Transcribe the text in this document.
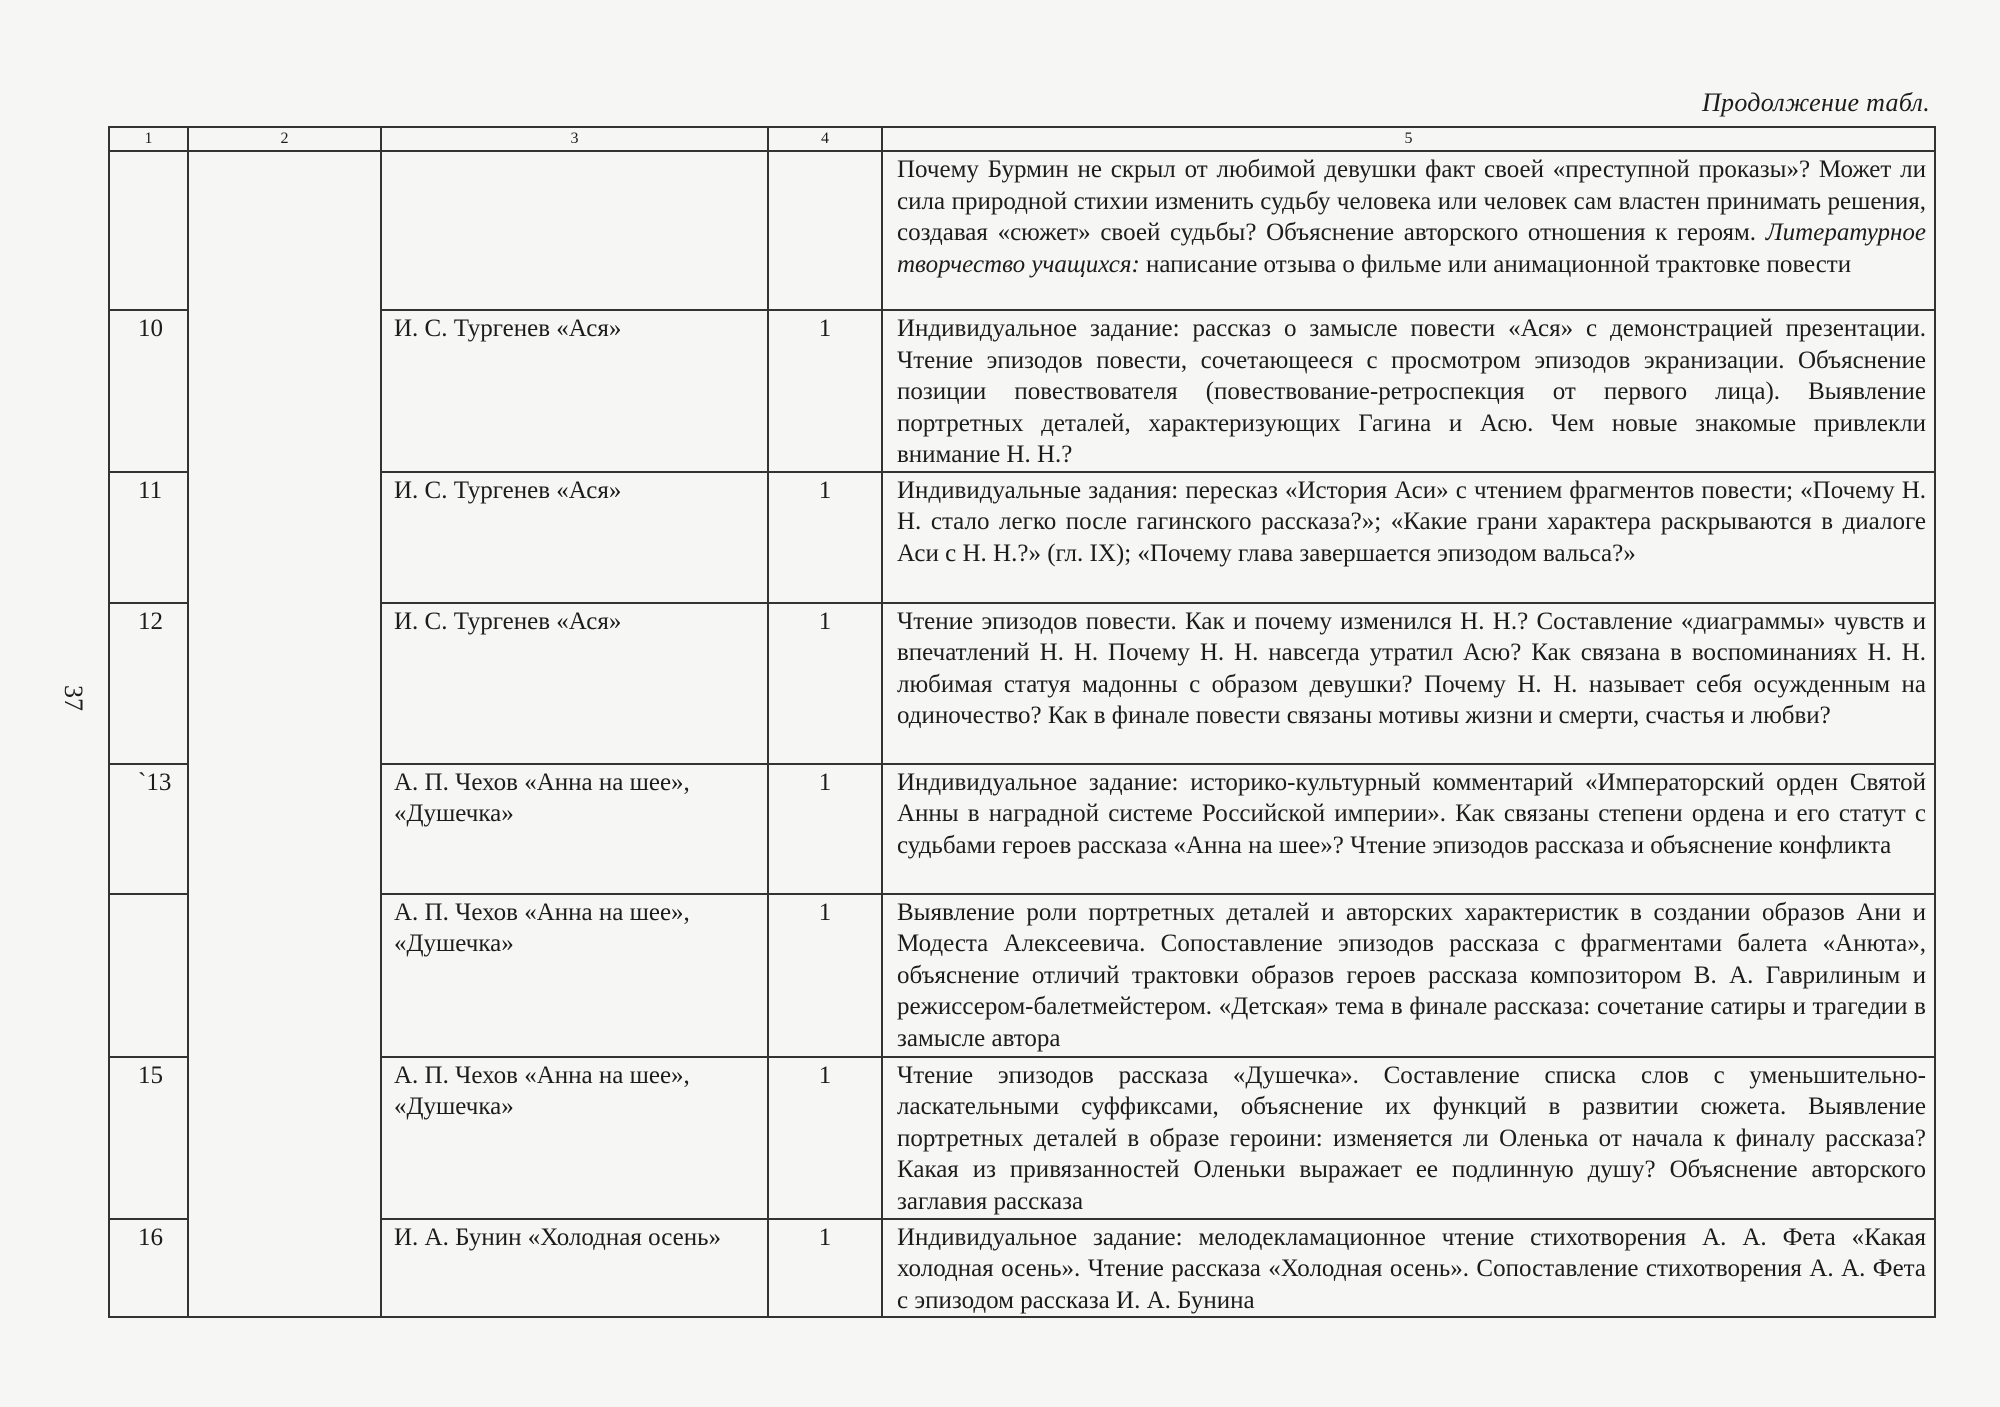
Продолжение табл.
37
1	2	3	4	5
				Почему Бурмин не скрыл от любимой девушки факт своей «преступной проказы»? Может ли сила природной стихии изменить судьбу человека или человек сам властен принимать решения, создавая «сюжет» своей судьбы? Объяснение авторского отношения к героям. Литературное творчество учащихся: написание отзыва о фильме или анимационной трактовке повести
10		И. С. Тургенев «Ася»	1	Индивидуальное задание: рассказ о замысле повести «Ася» с демонстрацией презентации. Чтение эпизодов повести, сочетающееся с просмотром эпизодов экранизации. Объяснение позиции повествователя (повествование-ретроспекция от первого лица). Выявление портретных деталей, характеризующих Гагина и Асю. Чем новые знакомые привлекли внимание Н. Н.?
11		И. С. Тургенев «Ася»	1	Индивидуальные задания: пересказ «История Аси» с чтением фрагментов повести; «Почему Н. Н. стало легко после гагинского рассказа?»; «Какие грани характера раскрываются в диалоге Аси с Н. Н.?» (гл. IX); «Почему глава завершается эпизодом вальса?»
12		И. С. Тургенев «Ася»	1	Чтение эпизодов повести. Как и почему изменился Н. Н.? Составление «диаграммы» чувств и впечатлений Н. Н. Почему Н. Н. навсегда утратил Асю? Как связана в воспоминаниях Н. Н. любимая статуя мадонны с образом девушки? Почему Н. Н. называет себя осужденным на одиночество? Как в финале повести связаны мотивы жизни и смерти, счастья и любви?
`13		А. П. Чехов «Анна на шее», «Душечка»	1	Индивидуальное задание: историко-культурный комментарий «Императорский орден Святой Анны в наградной системе Российской империи». Как связаны степени ордена и его статут с судьбами героев рассказа «Анна на шее»? Чтение эпизодов рассказа и объяснение конфликта
		А. П. Чехов «Анна на шее», «Душечка»	1	Выявление роли портретных деталей и авторских характеристик в создании образов Ани и Модеста Алексеевича. Сопоставление эпизодов рассказа с фрагментами балета «Анюта», объяснение отличий трактовки образов героев рассказа композитором В. А. Гаврилиным и режиссером-балетмейстером. «Детская» тема в финале рассказа: сочетание сатиры и трагедии в замысле автора
15		А. П. Чехов «Анна на шее», «Душечка»	1	Чтение эпизодов рассказа «Душечка». Составление списка слов с уменьшительно-ласкательными суффиксами, объяснение их функций в развитии сюжета. Выявление портретных деталей в образе героини: изменяется ли Оленька от начала к финалу рассказа? Какая из привязанностей Оленьки выражает ее подлинную душу? Объяснение авторского заглавия рассказа
16		И. А. Бунин «Холодная осень»	1	Индивидуальное задание: мелодекламационное чтение стихотворения А. А. Фета «Какая холодная осень». Чтение рассказа «Холодная осень». Сопоставление стихотворения А. А. Фета с эпизодом рассказа И. А. Бунина
